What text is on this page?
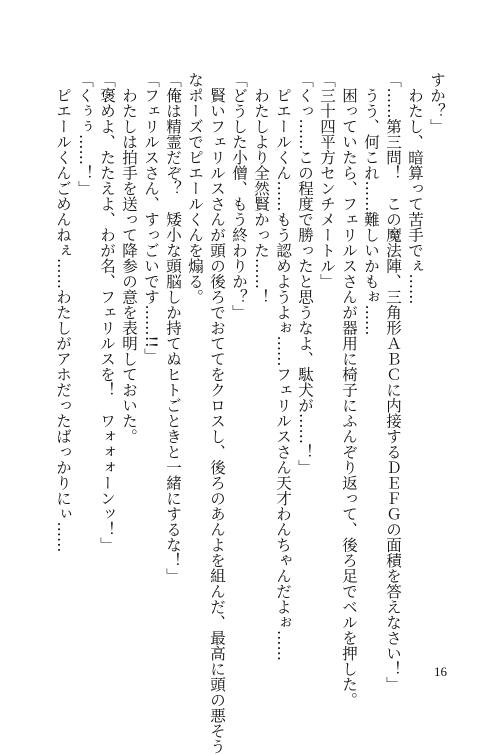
すか？」
　わたし、暗算って苦手でぇ……
「……第三問！　この魔法陣、三角形ＡＢＣに内接するＤＥＦＧの面積を答えなさい！」
　うう、何これ……難しいかもぉ……
　困っていたら、フェリルスさんが器用に椅子にふんぞり返って、後ろ足でベルを押した。
「三十四平方センチメートル」
「くっ……この程度で勝ったと思うなよ、駄犬が……！」
　ピエールくん……もう認めようよぉ……フェリルスさん天才わんちゃんだよぉ……
　わたしより全然賢かった……！
「どうした小僧、もう終わりか？」
　賢いフェリルスさんが頭の後ろでおててをクロスし、後ろのあんよを組んだ、最高に頭の悪そう
なポーズでピエールくんを煽る。
「俺は精霊だぞ？　矮小な頭脳しか持てぬヒトごときと一緒にするな！」
「フェリルスさん、すっごいです……!!」
　わたしは拍手を送って降参の意を表明しておいた。
「褒めよ、たたえよ、わが名、フェリルスを！　ワォォォーンッ！」
「くぅぅ……！」
　ピエールくんごめんねぇ……わたしがアホだったばっかりにぃ……
16
